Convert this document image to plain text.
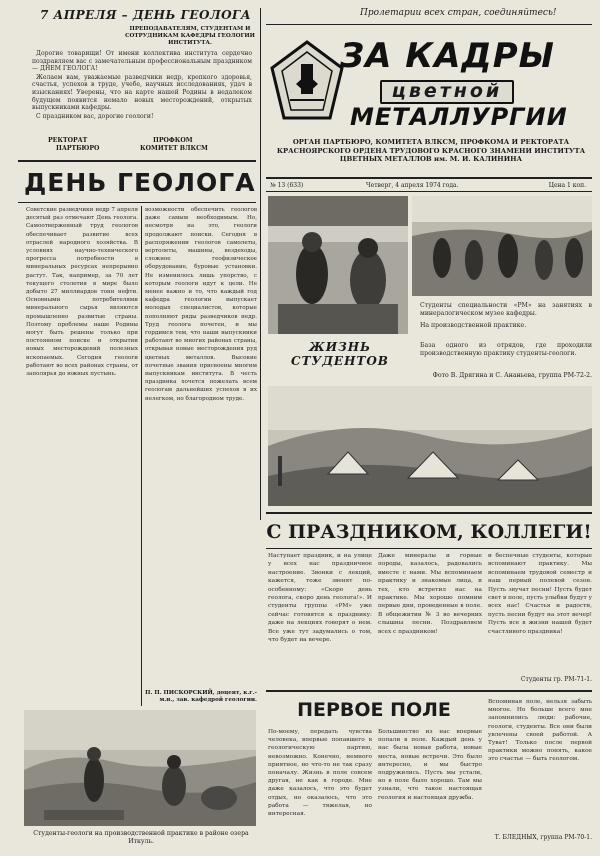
7 АПРЕЛЯ – ДЕНЬ ГЕОЛОГА
ПРЕПОДАВАТЕЛЯМ, СТУДЕНТАМ И СОТРУДНИКАМ КАФЕДРЫ ГЕОЛОГИИ ИНСТИТУТА.

Дорогие товарищи! От имени коллектива института сердечно поздравляем вас с замечательным профессиональным праздником — ДНЕМ ГЕОЛОГА!

Желаем вам, уважаемые разведчики недр, крепкого здоровья, счастья, успехов в труде, учебе, научных исследованиях, удач в изысканиях! Уверены, что на карте нашей Родины в недалеком будущем появится немало новых месторождений, открытых выпускниками кафедры.

С праздником вас, дорогие геологи!

РЕКТОРАТ	ПРОФКОМ
ПАРТБЮРО	КОМИТЕТ ВЛКСМ
Пролетарии всех стран, соединяйтесь!
ЗА КАДРЫ
цветной
МЕТАЛЛУРГИИ
ОРГАН ПАРТБЮРО, КОМИТЕТА ВЛКСМ, ПРОФКОМА И РЕКТОРАТА КРАСНОЯРСКОГО ОРДЕНА ТРУДОВОГО КРАСНОГО ЗНАМЕНИ ИНСТИТУТА ЦВЕТНЫХ МЕТАЛЛОВ им. М. И. КАЛИНИНА
№ 13 (633)	Четверг, 4 апреля 1974 года.	Цена 1 коп.
ДЕНЬ ГЕОЛОГА
Советские разведчики недр 7 апреля десятый раз отмечают День геолога. Самоотверженный труд геологов обеспечивает развитие всех отраслей народного хозяйства. В условиях научно-технического прогресса потребности в минеральных ресурсах непрерывно растут. Так, например, за 70 лет текущего столетия в мире было добыто 27 миллиардов тонн нефти. Основными потребителями минерального сырья являются промышленно развитые страны. Поэтому проблемы наше Родины могут быть решены только при постоянном поиске и открытии новых месторождений полезных ископаемых. Сегодня геологи работают во всех районах страны, от заполярья до южных пустынь.
возможности обеспечить геологов даже самым необходимым. Но, несмотря на это, геологи продолжают поиски. Сегодня в распоряжении геологов самолеты, вертолеты, машины, вездеходы, сложное геофизическое оборудование, буровые установки. Не изменилось лишь упорство, с которым геологи идут к цели. Не менее важно и то, что каждый год кафедра геологии выпускает молодых специалистов, которые пополняют ряды разведчиков недр. Труд геолога почетен, и мы гордимся тем, что наши выпускники работают во многих районах страны, открывая новые месторождения руд цветных металлов. Высокие почетные звания присвоены многим выпускникам института. В честь праздника хочется пожелать всем геологам дальнейших успехов в их нелегком, но благородном труде.
П. П. ПИСКОРСКИЙ, доцент, к.г.-м.н., зав. кафедрой геологии.
Студенты-геологи на производственной практике в районе озера Иткуль.
ЖИЗНЬ СТУДЕНТОВ
Студенты специальности «РМ» на занятиях в минералогическом музее кафедры.
На производственной практике.
База одного из отрядов, где проходили производственную практику студенты-геологи.
Фото В. Дрягина и С. Ананьева, группа РМ-72-2.
С ПРАЗДНИКОМ, КОЛЛЕГИ!
Наступает праздник, и на улице у всех нас праздничное настроение. Звонки с лекций, кажется, тоже звенят по-особенному: «Скоро день геолога, скоро день геолога!». И студенты группы «РМ» уже сейчас готовятся к празднику: даже на лекциях говорят о нем. Все уже тут задумались о том, что будет на вечере.
Даже минералы и горные породы, казалось, радовались вместе с нами. Мы вспоминаем практику и знакомые лица, и тех, кто встретил нас на практике. Мы хорошо помним первые дни, проведенные в поле. В общежитии № 3 во вечерних слышны песни. Поздравляем всех с праздником!
и беспечные студенты, которые вспоминают практику. Мы вспоминаем трудовой семестр и наш первый полевой сезон. Пусть звучат песни! Пусть будет свет в поле, пусть улыбки будут у всех нас! Счастья и радости, пусть песни будут на этот вечер! Пусть все в жизни нашей будет счастливого праздника!
Студенты гр. РМ-71-1.
ПЕРВОЕ ПОЛЕ
По-моему, передать чувства человека, впервые попавшего в геологическую партию, невозможно. Конечно, немного приятное, но что-то не так сразу поначалу. Жизнь в поле совсем другая, не как в городе. Мне даже казалось, что это будет отдых, но оказалось, что это работа — тяжелая, но интересная.
Большинство из нас впервые попали в поле. Каждый день у нас была новая работа, новые места, новые встречи. Это было интересно, и мы быстро подружились. Пусть мы устали, но в поле было хорошо. Там мы узнали, что такое настоящая геология и настоящая дружба.
Вспоминая поле, нельзя забыть многое. Но больше всего мне запомнились люди: рабочие, геологи, студенты. Все они были увлечены своей работой. А Туват! Только после первой практики можно понять, какое это счастье — быть геологом.
Т. БЛЕДНЫХ, группа РМ-70-1.
